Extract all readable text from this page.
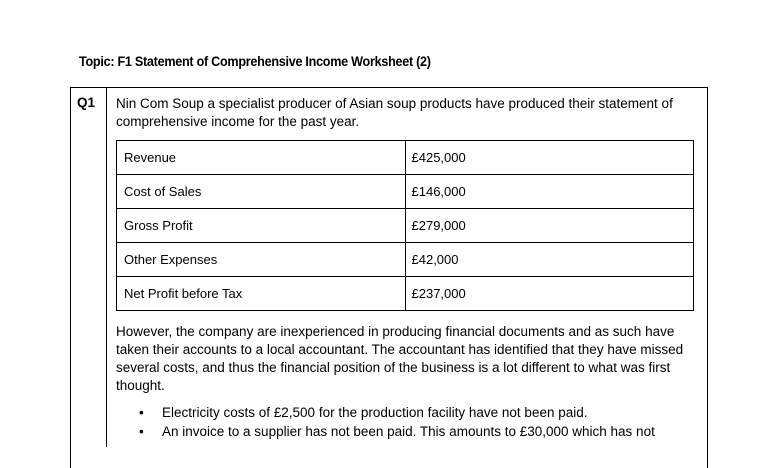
Topic: F1 Statement of Comprehensive Income Worksheet (2)
Q1 Nin Com Soup a specialist producer of Asian soup products have produced their statement of comprehensive income for the past year.
Revenue	£425,000
Cost of Sales	£146,000
Gross Profit	£279,000
Other Expenses	£42,000
Net Profit before Tax	£237,000
However, the company are inexperienced in producing financial documents and as such have taken their accounts to a local accountant. The accountant has identified that they have missed several costs, and thus the financial position of the business is a lot different to what was first thought.
• Electricity costs of £2,500 for the production facility have not been paid.
• An invoice to a supplier has not been paid. This amounts to £30,000 which has not
